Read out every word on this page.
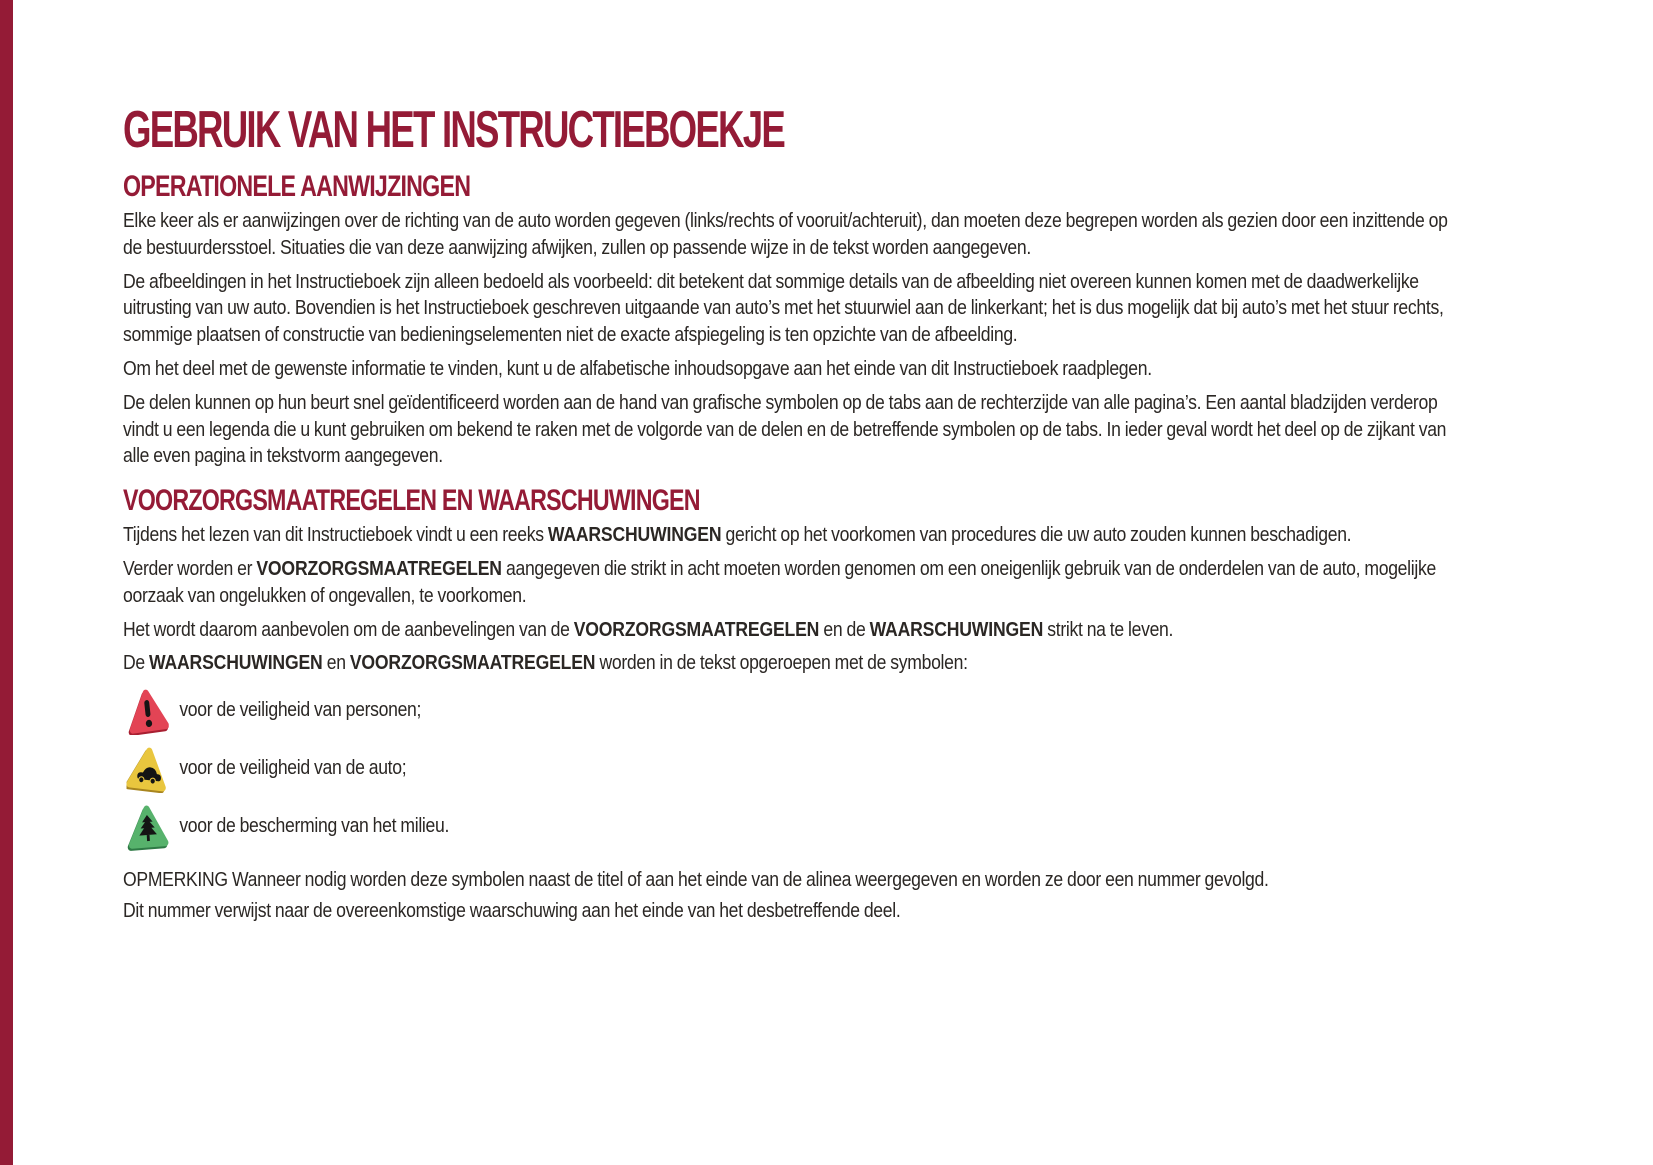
GEBRUIK VAN HET INSTRUCTIEBOEKJE
OPERATIONELE AANWIJZINGEN

Elke keer als er aanwijzingen over de richting van de auto worden gegeven (links/rechts of vooruit/achteruit), dan moeten deze begrepen worden als gezien door een inzittende op de bestuurdersstoel. Situaties die van deze aanwijzing afwijken, zullen op passende wijze in de tekst worden aangegeven.

De afbeeldingen in het Instructieboek zijn alleen bedoeld als voorbeeld: dit betekent dat sommige details van de afbeelding niet overeen kunnen komen met de daadwerkelijke uitrusting van uw auto. Bovendien is het Instructieboek geschreven uitgaande van auto’s met het stuurwiel aan de linkerkant; het is dus mogelijk dat bij auto’s met het stuur rechts, sommige plaatsen of constructie van bedieningselementen niet de exacte afspiegeling is ten opzichte van de afbeelding.

Om het deel met de gewenste informatie te vinden, kunt u de alfabetische inhoudsopgave aan het einde van dit Instructieboek raadplegen.

De delen kunnen op hun beurt snel geïdentificeerd worden aan de hand van grafische symbolen op de tabs aan de rechterzijde van alle pagina’s. Een aantal bladzijden verderop vindt u een legenda die u kunt gebruiken om bekend te raken met de volgorde van de delen en de betreffende symbolen op de tabs. In ieder geval wordt het deel op de zijkant van alle even pagina in tekstvorm aangegeven.

VOORZORGSMAATREGELEN EN WAARSCHUWINGEN

Tijdens het lezen van dit Instructieboek vindt u een reeks WAARSCHUWINGEN gericht op het voorkomen van procedures die uw auto zouden kunnen beschadigen.

Verder worden er VOORZORGSMAATREGELEN aangegeven die strikt in acht moeten worden genomen om een oneigenlijk gebruik van de onderdelen van de auto, mogelijke oorzaak van ongelukken of ongevallen, te voorkomen.

Het wordt daarom aanbevolen om de aanbevelingen van de VOORZORGSMAATREGELEN en de WAARSCHUWINGEN strikt na te leven.

De WAARSCHUWINGEN en VOORZORGSMAATREGELEN worden in de tekst opgeroepen met de symbolen:

voor de veiligheid van personen;
voor de veiligheid van de auto;
voor de bescherming van het milieu.

OPMERKING Wanneer nodig worden deze symbolen naast de titel of aan het einde van de alinea weergegeven en worden ze door een nummer gevolgd.

Dit nummer verwijst naar de overeenkomstige waarschuwing aan het einde van het desbetreffende deel.
